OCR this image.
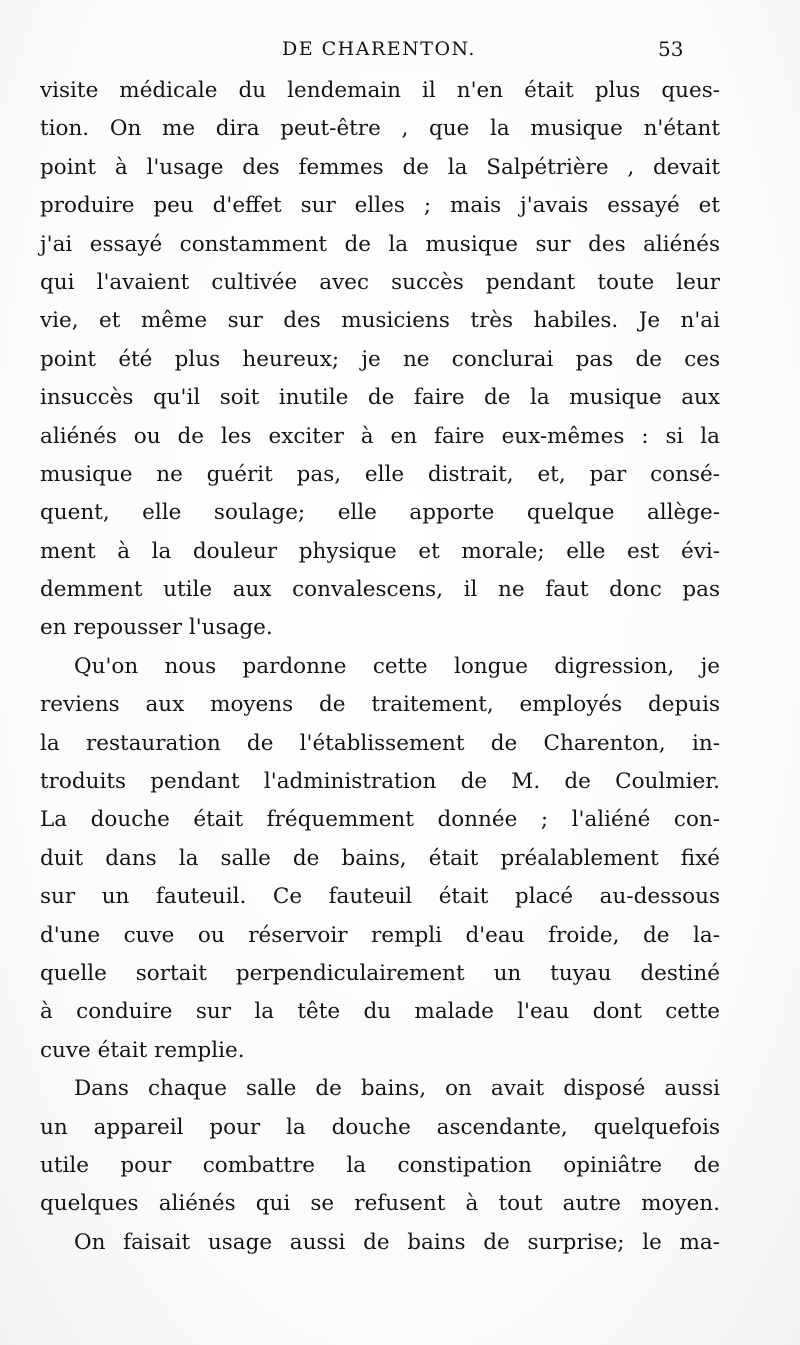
DE CHARENTON.	53
visite médicale du lendemain il n'en était plus ques-
tion. On me dira peut-être , que la musique n'étant
point à l'usage des femmes de la Salpétrière , devait
produire peu d'effet sur elles ; mais j'avais essayé et
j'ai essayé constamment de la musique sur des aliénés
qui l'avaient cultivée avec succès pendant toute leur
vie, et même sur des musiciens très habiles. Je n'ai
point été plus heureux; je ne conclurai pas de ces
insuccès qu'il soit inutile de faire de la musique aux
aliénés ou de les exciter à en faire eux-mêmes : si la
musique ne guérit pas, elle distrait, et, par consé-
quent, elle soulage; elle apporte quelque allège-
ment à la douleur physique et morale; elle est évi-
demment utile aux convalescens, il ne faut donc pas
en repousser l'usage.
Qu'on nous pardonne cette longue digression, je
reviens aux moyens de traitement, employés depuis
la restauration de l'établissement de Charenton, in-
troduits pendant l'administration de M. de Coulmier.
La douche était fréquemment donnée ; l'aliéné con-
duit dans la salle de bains, était préalablement fixé
sur un fauteuil. Ce fauteuil était placé au-dessous
d'une cuve ou réservoir rempli d'eau froide, de la-
quelle sortait perpendiculairement un tuyau destiné
à conduire sur la tête du malade l'eau dont cette
cuve était remplie.
Dans chaque salle de bains, on avait disposé aussi
un appareil pour la douche ascendante, quelquefois
utile pour combattre la constipation opiniâtre de
quelques aliénés qui se refusent à tout autre moyen.
On faisait usage aussi de bains de surprise; le ma-
